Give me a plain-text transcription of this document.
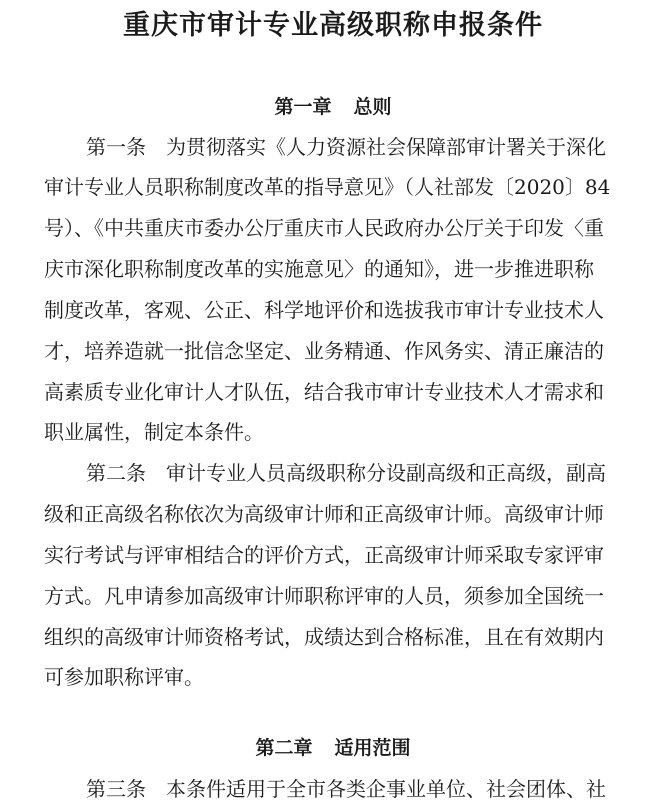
重庆市审计专业高级职称申报条件
第一章 总则
第一条 为贯彻落实《人力资源社会保障部审计署关于深化
审计专业人员职称制度改革的指导意见》（人社部发〔2020〕84
号）、《中共重庆市委办公厅重庆市人民政府办公厅关于印发〈重
庆市深化职称制度改革的实施意见〉的通知》，进一步推进职称
制度改革，客观、公正、科学地评价和选拔我市审计专业技术人
才，培养造就一批信念坚定、业务精通、作风务实、清正廉洁的
高素质专业化审计人才队伍，结合我市审计专业技术人才需求和
职业属性，制定本条件。
第二条 审计专业人员高级职称分设副高级和正高级，副高
级和正高级名称依次为高级审计师和正高级审计师。高级审计师
实行考试与评审相结合的评价方式，正高级审计师采取专家评审
方式。凡申请参加高级审计师职称评审的人员，须参加全国统一
组织的高级审计师资格考试，成绩达到合格标准，且在有效期内
可参加职称评审。
第二章 适用范围
第三条 本条件适用于全市各类企事业单位、社会团体、社
